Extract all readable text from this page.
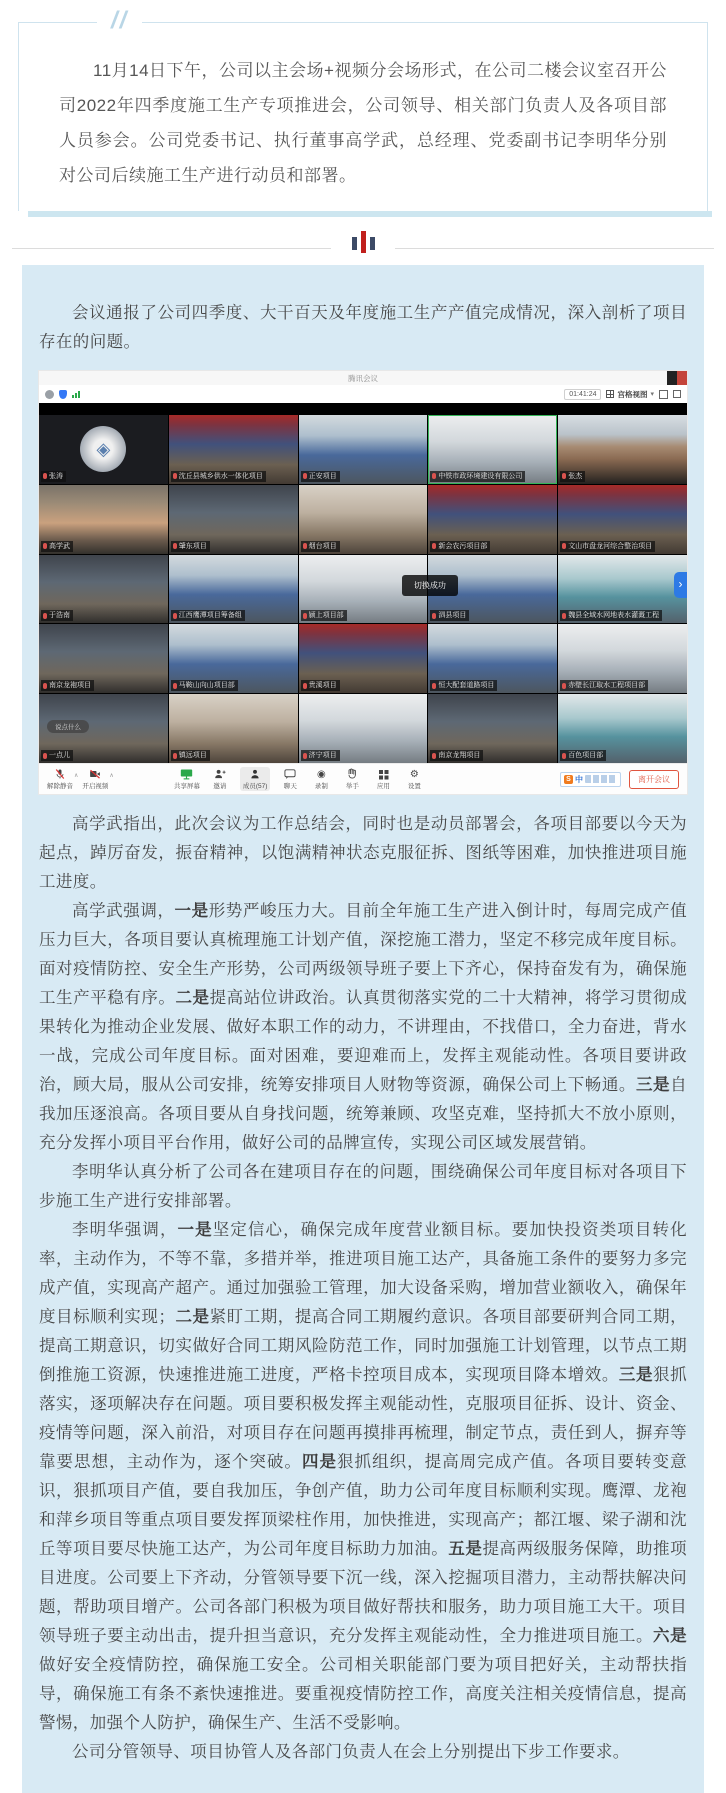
//

11月14日下午，公司以主会场+视频分会场形式，在公司二楼会议室召开公司2022年四季度施工生产专项推进会，公司领导、相关部门负责人及各项目部人员参会。公司党委书记、执行董事高学武，总经理、党委副书记李明华分别对公司后续施工生产进行动员和部署。

会议通报了公司四季度、大干百天及年度施工生产产值完成情况，深入剖析了项目存在的问题。

腾讯会议
01:41:24	宫格视图 ▾
◈
张涛	沈丘县城乡供水一体化项目	正安项目	中铁市政环境建设有限公司	张杰
高学武	肇东项目	烟台项目	新会农污项目部	文山市盘龙河综合整治项目
于浩南	江西鹰潭项目筹备组	颍上项目部	泗县项目	魏县全域水网地表水灌溉工程
南京龙袍项目	马鞍山向山项目部	贵溪项目	恒大配套道路项目	赤壁长江取水工程项目部
说点什么
一点儿	镇远项目	济宁项目	南京龙翔项目	百色项目部
切换成功	›
解除静音
∧
开启视频
∧
共享屏幕 邀请	成员(57)	聊天
◉
录制	举手	应用
⚙
设置
S 中	离开会议

高学武指出，此次会议为工作总结会，同时也是动员部署会，各项目部要以今天为起点，踔厉奋发，振奋精神，以饱满精神状态克服征拆、图纸等困难，加快推进项目施工进度。

高学武强调，一是形势严峻压力大。目前全年施工生产进入倒计时，每周完成产值压力巨大，各项目要认真梳理施工计划产值，深挖施工潜力，坚定不移完成年度目标。面对疫情防控、安全生产形势，公司两级领导班子要上下齐心，保持奋发有为，确保施工生产平稳有序。二是提高站位讲政治。认真贯彻落实党的二十大精神，将学习贯彻成果转化为推动企业发展、做好本职工作的动力，不讲理由，不找借口，全力奋进，背水一战，完成公司年度目标。面对困难，要迎难而上，发挥主观能动性。各项目要讲政治，顾大局，服从公司安排，统筹安排项目人财物等资源，确保公司上下畅通。三是自我加压逐浪高。各项目要从自身找问题，统筹兼顾、攻坚克难，坚持抓大不放小原则，充分发挥小项目平台作用，做好公司的品牌宣传，实现公司区域发展营销。

李明华认真分析了公司各在建项目存在的问题，围绕确保公司年度目标对各项目下步施工生产进行安排部署。

李明华强调，一是坚定信心，确保完成年度营业额目标。要加快投资类项目转化率，主动作为，不等不靠，多措并举，推进项目施工达产，具备施工条件的要努力多完成产值，实现高产超产。通过加强验工管理，加大设备采购，增加营业额收入，确保年度目标顺利实现；二是紧盯工期，提高合同工期履约意识。各项目部要研判合同工期，提高工期意识，切实做好合同工期风险防范工作，同时加强施工计划管理，以节点工期倒推施工资源，快速推进施工进度，严格卡控项目成本，实现项目降本增效。三是狠抓落实，逐项解决存在问题。项目要积极发挥主观能动性，克服项目征拆、设计、资金、疫情等问题，深入前沿，对项目存在问题再摸排再梳理，制定节点，责任到人，摒弃等靠要思想，主动作为，逐个突破。四是狠抓组织，提高周完成产值。各项目要转变意识，狠抓项目产值，要自我加压，争创产值，助力公司年度目标顺利实现。鹰潭、龙袍和萍乡项目等重点项目要发挥顶梁柱作用，加快推进，实现高产；都江堰、梁子湖和沈丘等项目要尽快施工达产，为公司年度目标助力加油。五是提高两级服务保障，助推项目进度。公司要上下齐动，分管领导要下沉一线，深入挖掘项目潜力，主动帮扶解决问题，帮助项目增产。公司各部门积极为项目做好帮扶和服务，助力项目施工大干。项目领导班子要主动出击，提升担当意识，充分发挥主观能动性，全力推进项目施工。六是做好安全疫情防控，确保施工安全。公司相关职能部门要为项目把好关，主动帮扶指导，确保施工有条不紊快速推进。要重视疫情防控工作，高度关注相关疫情信息，提高警惕，加强个人防护，确保生产、生活不受影响。

公司分管领导、项目协管人及各部门负责人在会上分别提出下步工作要求。
